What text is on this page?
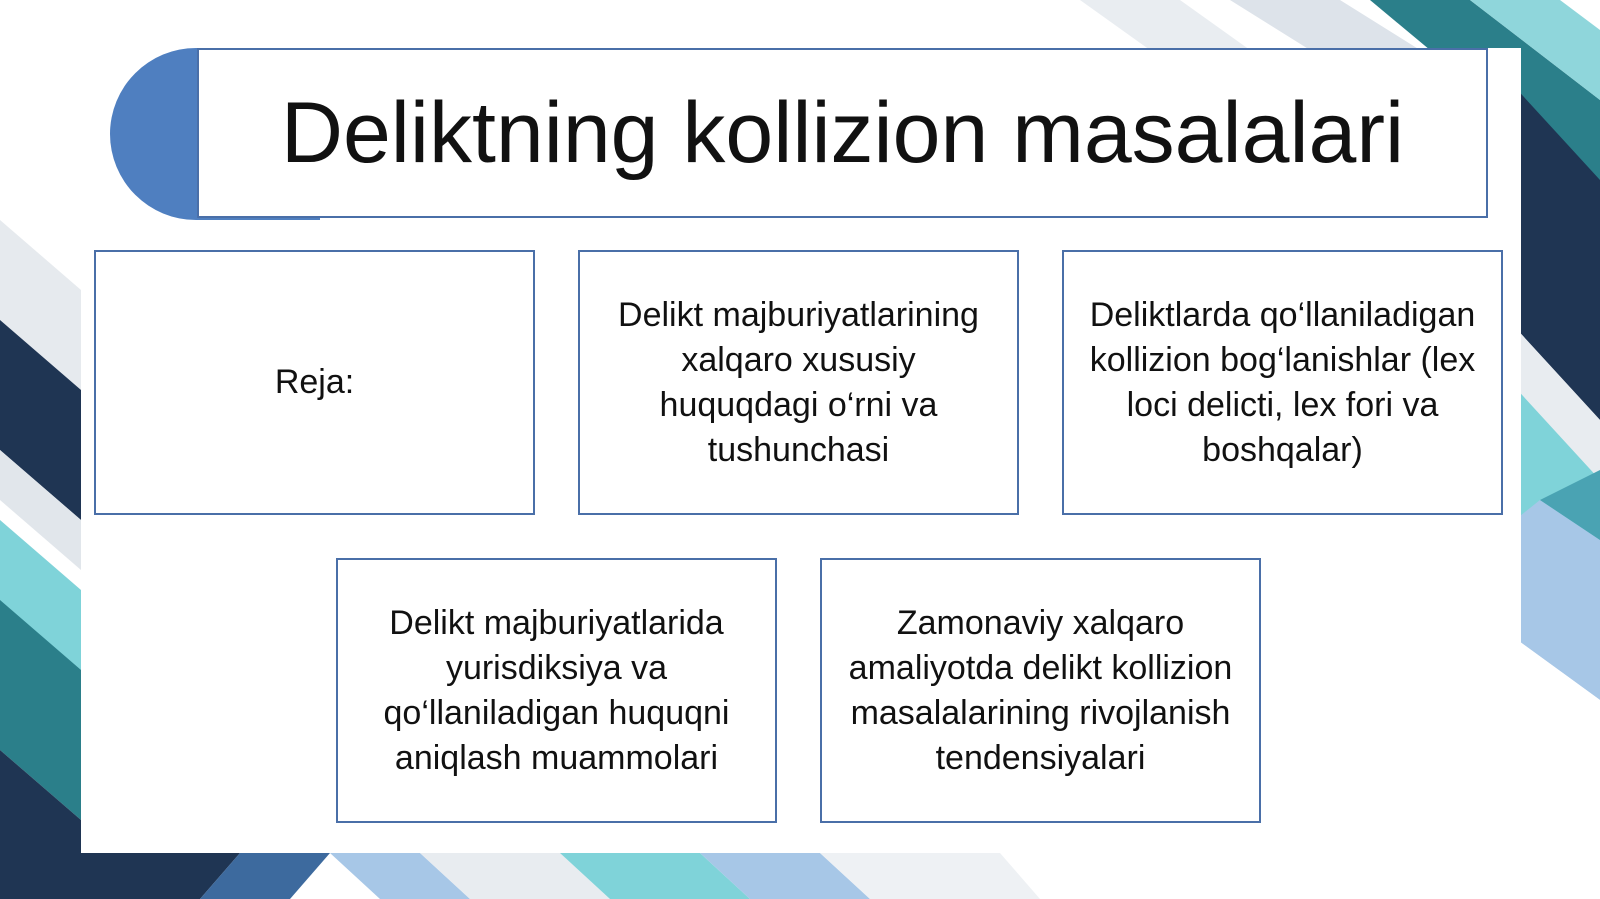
Deliktning kollizion masalalari
Reja:
Delikt majburiyatlarining xalqaro xususiy huquqdagi o‘rni va tushunchasi
Deliktlarda qo‘llaniladigan kollizion bog‘lanishlar (lex loci delicti, lex fori va boshqalar)
Delikt majburiyatlarida yurisdiksiya va qo‘llaniladigan huquqni aniqlash muammolari
Zamonaviy xalqaro amaliyotda delikt kollizion masalalarining rivojlanish tendensiyalari
